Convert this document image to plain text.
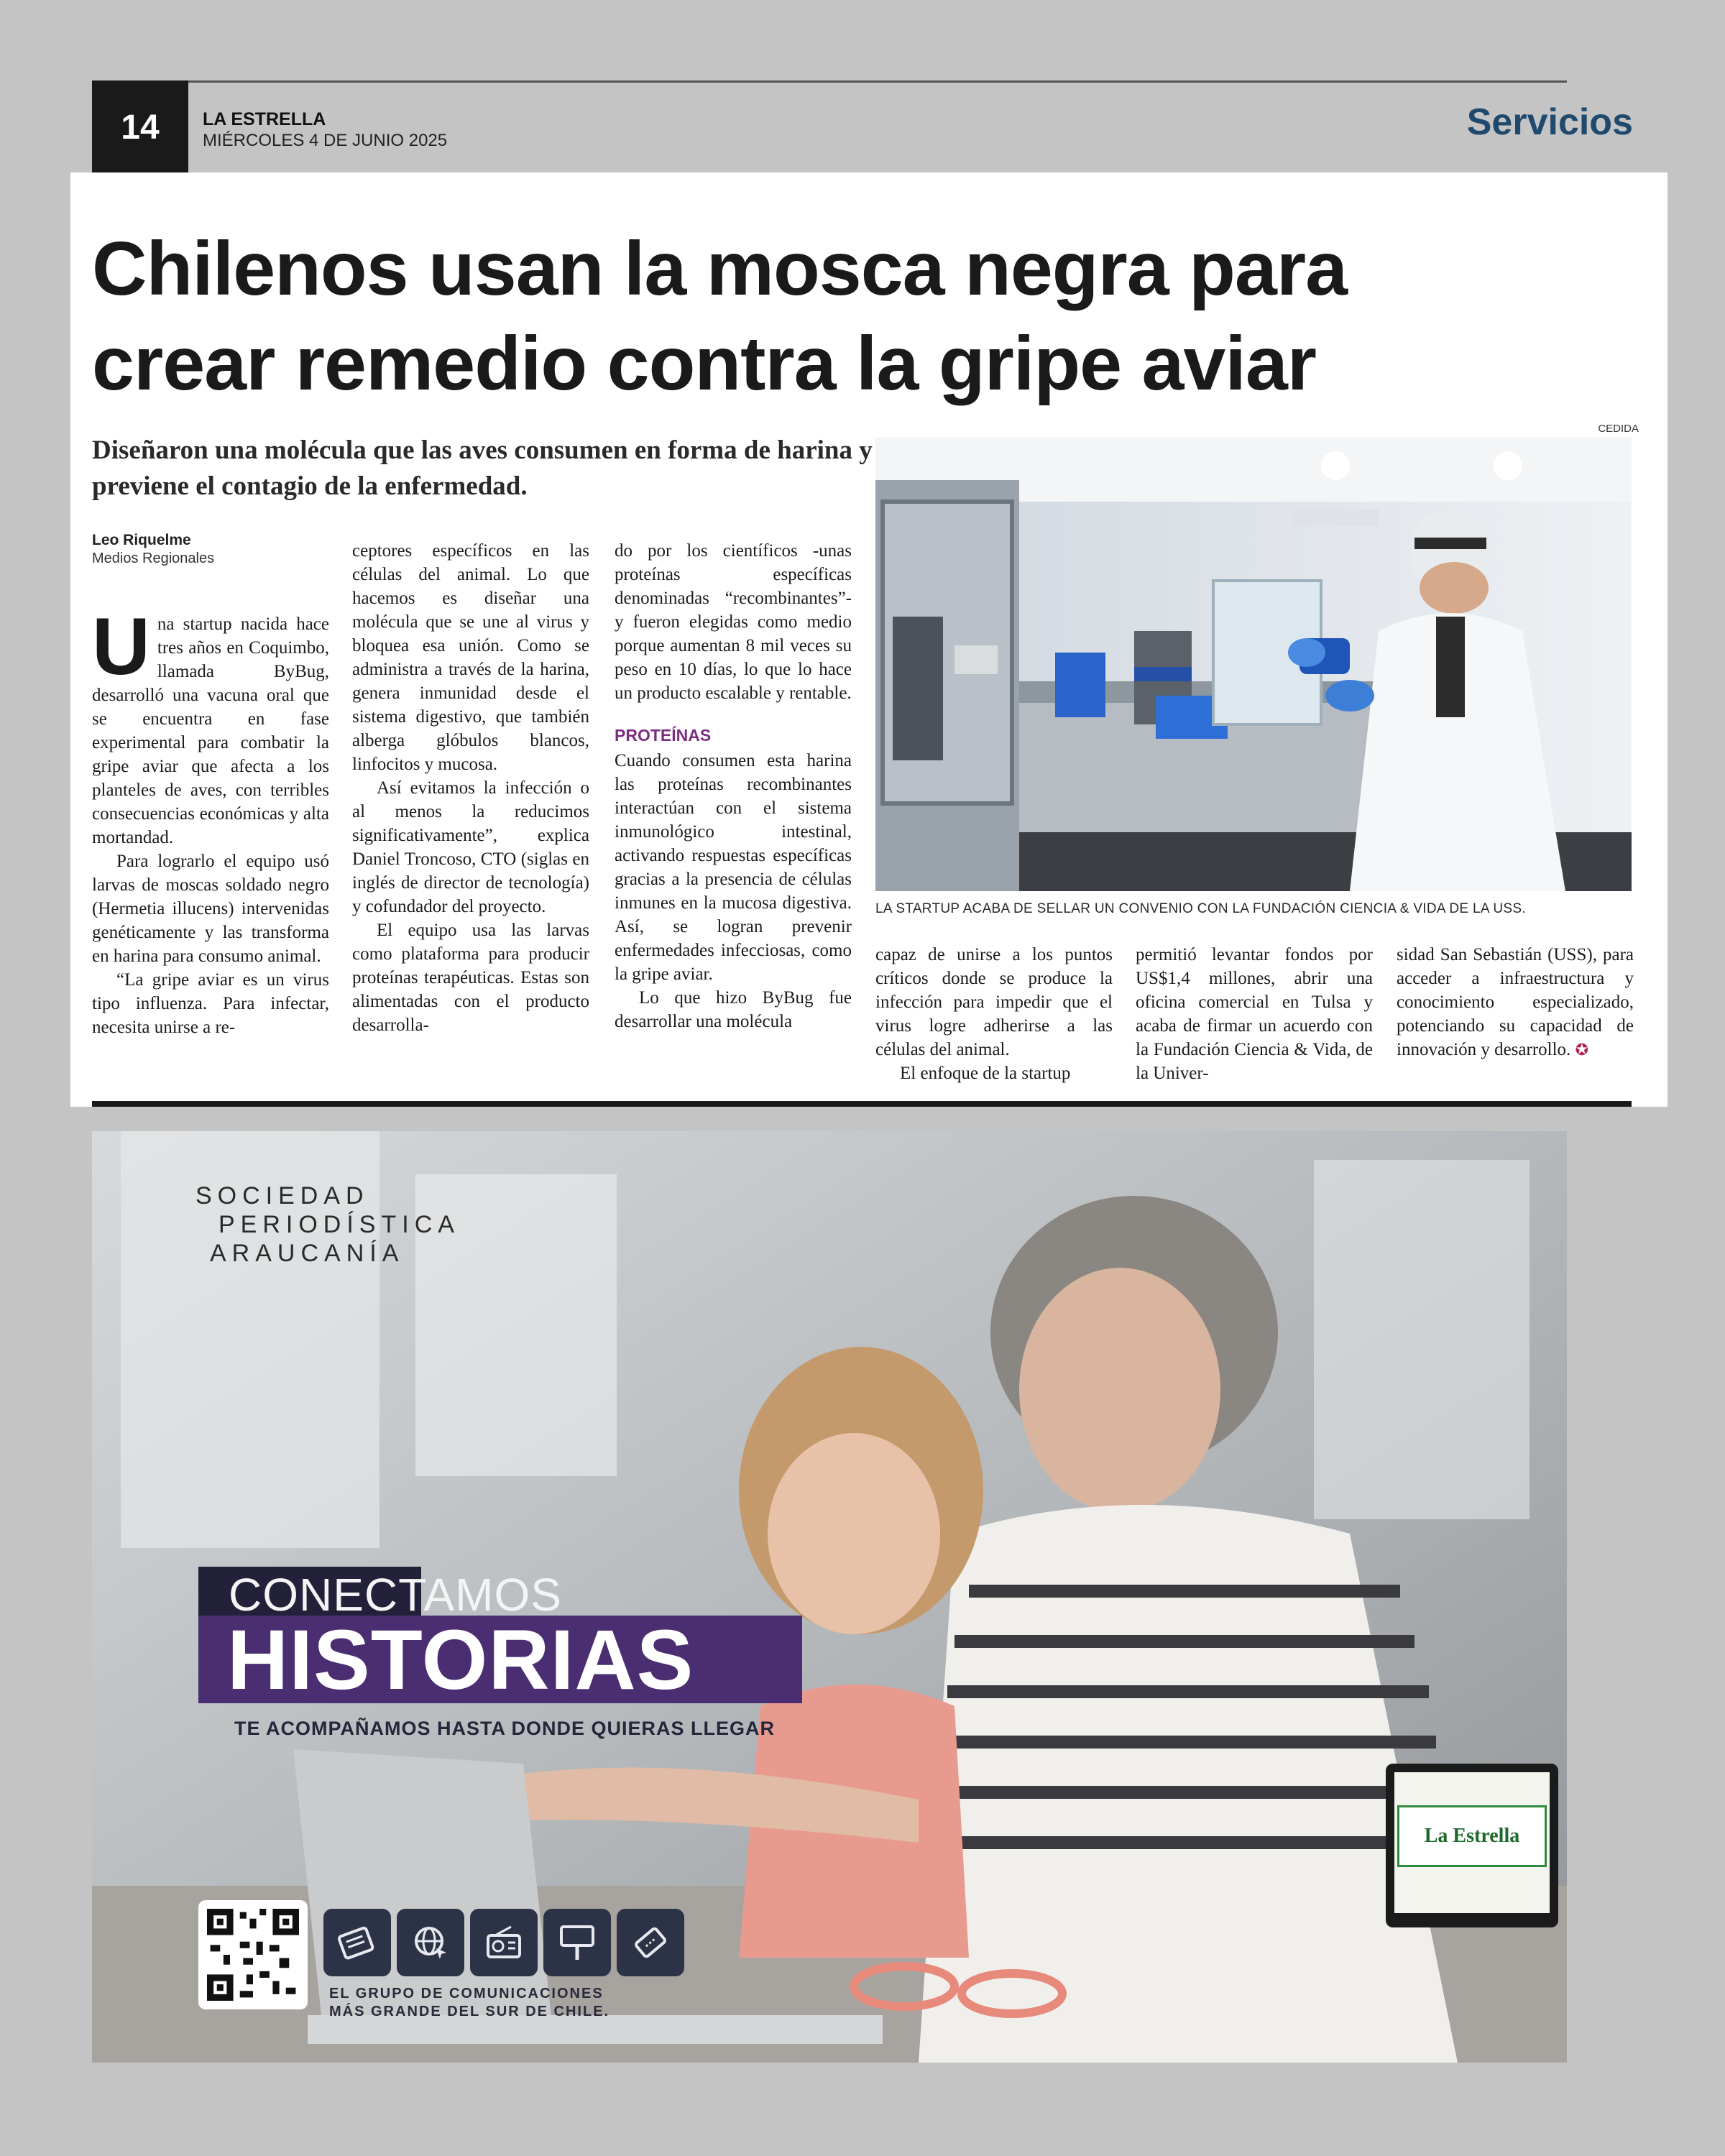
14	LA ESTRELLA
MIÉRCOLES 4 DE JUNIO 2025	Servicios
Chilenos usan la mosca negra para
crear remedio contra la gripe aviar
Diseñaron una molécula que las aves consumen en forma de harina y previene el contagio de la enfermedad.
Leo Riquelme
Medios Regionales
U na startup nacida hace tres años en Coquimbo, llamada ByBug, desarrolló una vacuna oral que se encuentra en fase experimental para combatir la gripe aviar que afecta a los planteles de aves, con terribles consecuencias económicas y alta mortandad.

Para lograrlo el equipo usó larvas de moscas soldado negro (Hermetia illucens) intervenidas genéticamente y las transforma en harina para consumo animal.

“La gripe aviar es un virus tipo influenza. Para infectar, necesita unirse a re-

ceptores específicos en las células del animal. Lo que hacemos es diseñar una molécula que se une al virus y bloquea esa unión. Como se administra a través de la harina, genera inmunidad desde el sistema digestivo, que también alberga glóbulos blancos, linfocitos y mucosa.

Así evitamos la infección o al menos la reducimos significativamente”, explica Daniel Troncoso, CTO (siglas en inglés de director de tecnología) y cofundador del proyecto.

El equipo usa las larvas como plataforma para producir proteínas terapéuticas. Estas son alimentadas con el producto desarrolla-

do por los científicos -unas proteínas específicas denominadas “recombinantes”- y fueron elegidas como medio porque aumentan 8 mil veces su peso en 10 días, lo que lo hace un producto escalable y rentable.

PROTEÍNAS

Cuando consumen esta harina las proteínas recombinantes interactúan con el sistema inmunológico intestinal, activando respuestas específicas gracias a la presencia de células inmunes en la mucosa digestiva. Así, se logran prevenir enfermedades infecciosas, como la gripe aviar.

Lo que hizo ByBug fue desarrollar una molécula

CEDIDA
LA STARTUP ACABA DE SELLAR UN CONVENIO CON LA FUNDACIÓN CIENCIA & VIDA DE LA USS.

capaz de unirse a los puntos críticos donde se produce la infección para impedir que el virus logre adherirse a las células del animal.

El enfoque de la startup

permitió levantar fondos por US$1,4 millones, abrir una oficina comercial en Tulsa y acaba de firmar un acuerdo con la Fundación Ciencia & Vida, de la Univer-

sidad San Sebastián (USS), para acceder a infraestructura y conocimiento especializado, potenciando su capacidad de innovación y desarrollo. ✪

SOCIEDAD
PERIODÍSTICA
ARAUCANÍA
CONECTAMOS
HISTORIAS
TE ACOMPAÑAMOS HASTA DONDE QUIERAS LLEGAR
EL GRUPO DE COMUNICACIONES
MÁS GRANDE DEL SUR DE CHILE.
La Estrella
